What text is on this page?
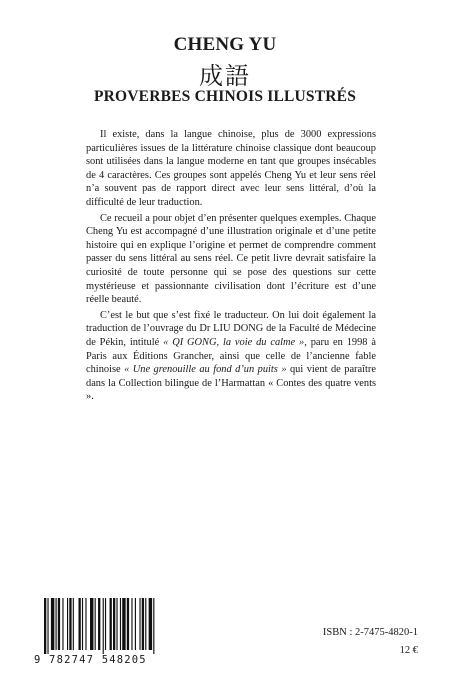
CHENG YU
成語
PROVERBES CHINOIS ILLUSTRÉS

Il existe, dans la langue chinoise, plus de 3000 expressions particulières issues de la littérature chinoise classique dont beaucoup sont utilisées dans la langue moderne en tant que groupes insécables de 4 caractères. Ces groupes sont appelés Cheng Yu et leur sens réel n’a souvent pas de rapport direct avec leur sens littéral, d’où la difficulté de leur traduction.

Ce recueil a pour objet d’en présenter quelques exemples. Chaque Cheng Yu est accompagné d’une illustration originale et d’une petite histoire qui en explique l’origine et permet de comprendre comment passer du sens littéral au sens réel. Ce petit livre devrait satisfaire la curiosité de toute personne qui se pose des questions sur cette mystérieuse et passionnante civilisation dont l’écriture est d’une réelle beauté.

C’est le but que s’est fixé le traducteur. On lui doit également la traduction de l’ouvrage du Dr LIU DONG de la Faculté de Médecine de Pékin, intitulé « QI GONG, la voie du calme », paru en 1998 à Paris aux Éditions Grancher, ainsi que celle de l’ancienne fable chinoise « Une grenouille au fond d’un puits » qui vient de paraître dans la Collection bilingue de l’Harmattan « Contes des quatre vents ».

9 782747 548205
ISBN : 2-7475-4820-1
12 €
